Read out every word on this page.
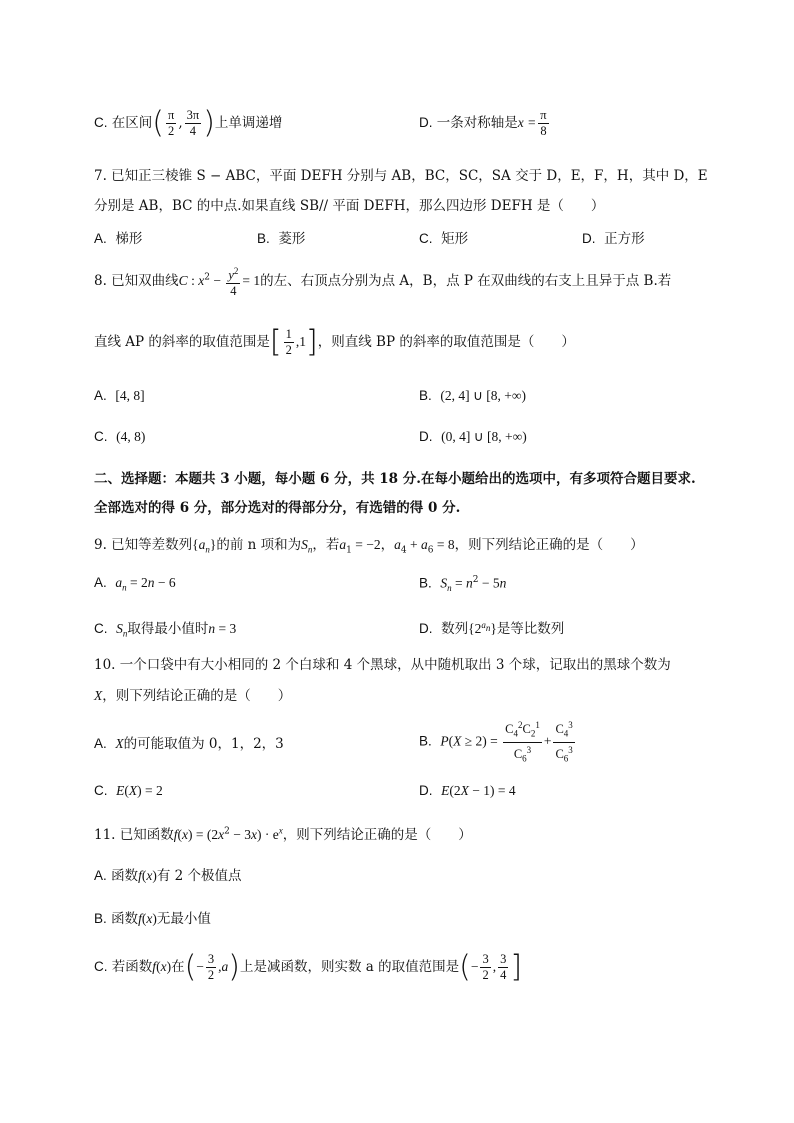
C. 在区间( $\frac{\pi}{2}$ , $\frac{3\pi}{4}$ )上单调递增	D. 一条对称轴是$x = \frac{\pi}{8}$
7. 已知正三棱锥 S − ABC，平面 DEFH 分别与 AB，BC，SC，SA 交于 D，E，F，H，其中 D，E
分别是 AB，BC 的中点.如果直线 SB// 平面 DEFH，那么四边形 DEFH 是（　　）
A. 梯形	B. 菱形	C. 矩形	D. 正方形
8. 已知双曲线C : $x^2 - \frac{y^2}{4} = 1$的左、右顶点分别为点 A，B，点 P 在双曲线的右支上且异于点 B.若
直线 AP 的斜率的取值范围是[ $\frac{1}{2} ,1$]，则直线 BP 的斜率的取值范围是（　　）
A. [4, 8]	B. (2, 4] ∪ [8, +∞)
C. (4, 8)	D. (0, 4] ∪ [8, +∞)
二、选择题：本题共 3 小题，每小题 6 分，共 18 分.在每小题给出的选项中，有多项符合题目要求.
全部选对的得 6 分，部分选对的得部分分，有选错的得 0 分.
9. 已知等差数列$\{a_n\}$的前 n 项和为$S_n$，若$a_1 = -2$，$a_4 + a_6 = 8$，则下列结论正确的是（　　）
A. $a_n = 2n - 6$	B. $S_n = n^2 - 5n$
C. $S_n$取得最小值时n = 3	D. 数列$\{2^{a_n}\}$是等比数列
10. 一个口袋中有大小相同的 2 个白球和 4 个黑球，从中随机取出 3 个球，记取出的黑球个数为
X，则下列结论正确的是（　　）
A. X的可能取值为 0，1，2，3	B. $P(X \ge 2) = \frac{C_4^2C_2^1}{C_6^3} + \frac{C_4^3}{C_6^3}$
C. E(X) = 2	D. E(2X − 1) = 4
11. 已知函数$f(x) = (2x^2 - 3x) \cdot e^x$，则下列结论正确的是（　　）
A. 函数f(x)有 2 个极值点
B. 函数f(x)无最小值
C. 若函数f(x)在(− $\frac{3}{2} ,a$)上是减函数，则实数 a 的取值范围是(− $\frac{3}{2}$ , $\frac{3}{4}$ ]
